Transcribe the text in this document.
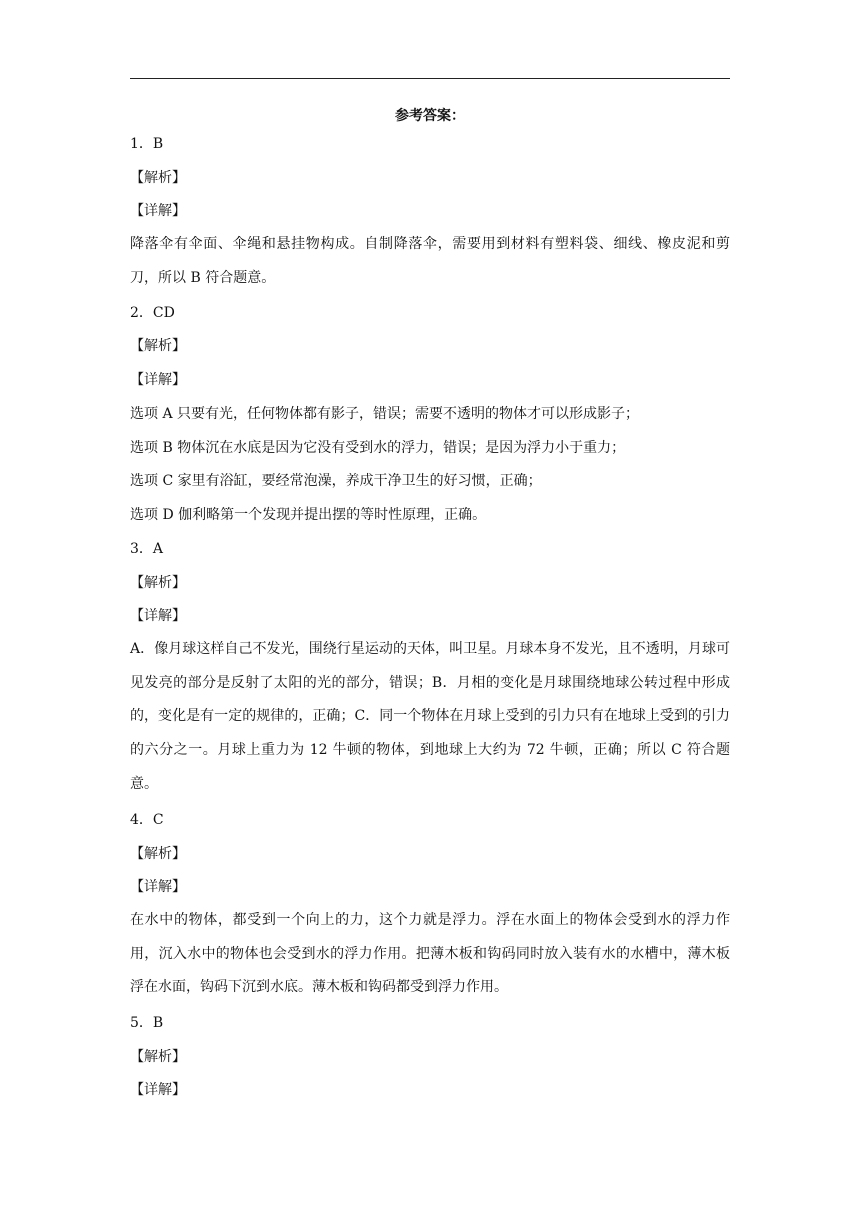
参考答案：
1．B
【解析】
【详解】
降落伞有伞面、伞绳和悬挂物构成。自制降落伞，需要用到材料有塑料袋、细线、橡皮泥和剪刀，所以 B 符合题意。
2．CD
【解析】
【详解】
选项 A 只要有光，任何物体都有影子，错误；需要不透明的物体才可以形成影子；
选项 B 物体沉在水底是因为它没有受到水的浮力，错误；是因为浮力小于重力；
选项 C 家里有浴缸，要经常泡澡，养成干净卫生的好习惯，正确；
选项 D 伽利略第一个发现并提出摆的等时性原理，正确。
3．A
【解析】
【详解】
A．像月球这样自己不发光，围绕行星运动的天体，叫卫星。月球本身不发光，且不透明，月球可见发亮的部分是反射了太阳的光的部分，错误；B．月相的变化是月球围绕地球公转过程中形成的，变化是有一定的规律的，正确；C．同一个物体在月球上受到的引力只有在地球上受到的引力的六分之一。月球上重力为 12 牛顿的物体，到地球上大约为 72 牛顿，正确；所以 C 符合题意。
4．C
【解析】
【详解】
在水中的物体，都受到一个向上的力，这个力就是浮力。浮在水面上的物体会受到水的浮力作用，沉入水中的物体也会受到水的浮力作用。把薄木板和钩码同时放入装有水的水槽中，薄木板浮在水面，钩码下沉到水底。薄木板和钩码都受到浮力作用。
5．B
【解析】
【详解】
